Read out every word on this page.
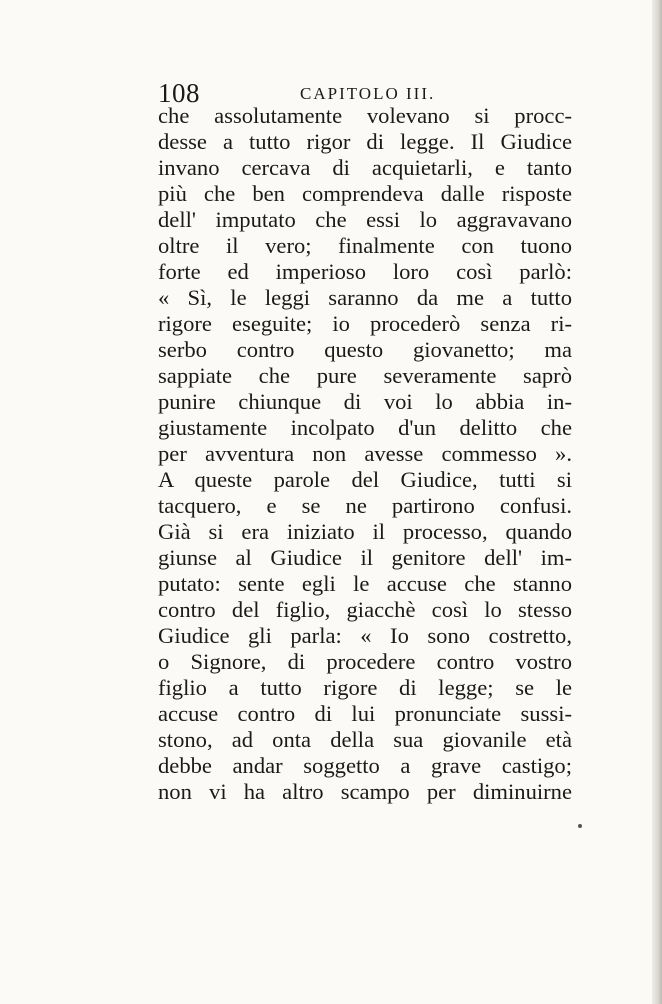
108	CAPITOLO III.
che assolutamente volevano si procc-
desse a tutto rigor di legge. Il Giudice
invano cercava di acquietarli, e tanto
più che ben comprendeva dalle risposte
dell' imputato che essi lo aggravavano
oltre il vero; finalmente con tuono
forte ed imperioso loro così parlò:
« Sì, le leggi saranno da me a tutto
rigore eseguite; io procederò senza ri-
serbo contro questo giovanetto; ma
sappiate che pure severamente saprò
punire chiunque di voi lo abbia in-
giustamente incolpato d'un delitto che
per avventura non avesse commesso ».
A queste parole del Giudice, tutti si
tacquero, e se ne partirono confusi.
Già si era iniziato il processo, quando
giunse al Giudice il genitore dell' im-
putato: sente egli le accuse che stanno
contro del figlio, giacchè così lo stesso
Giudice gli parla: « Io sono costretto,
o Signore, di procedere contro vostro
figlio a tutto rigore di legge; se le
accuse contro di lui pronunciate sussi-
stono, ad onta della sua giovanile età
debbe andar soggetto a grave castigo;
non vi ha altro scampo per diminuirne
